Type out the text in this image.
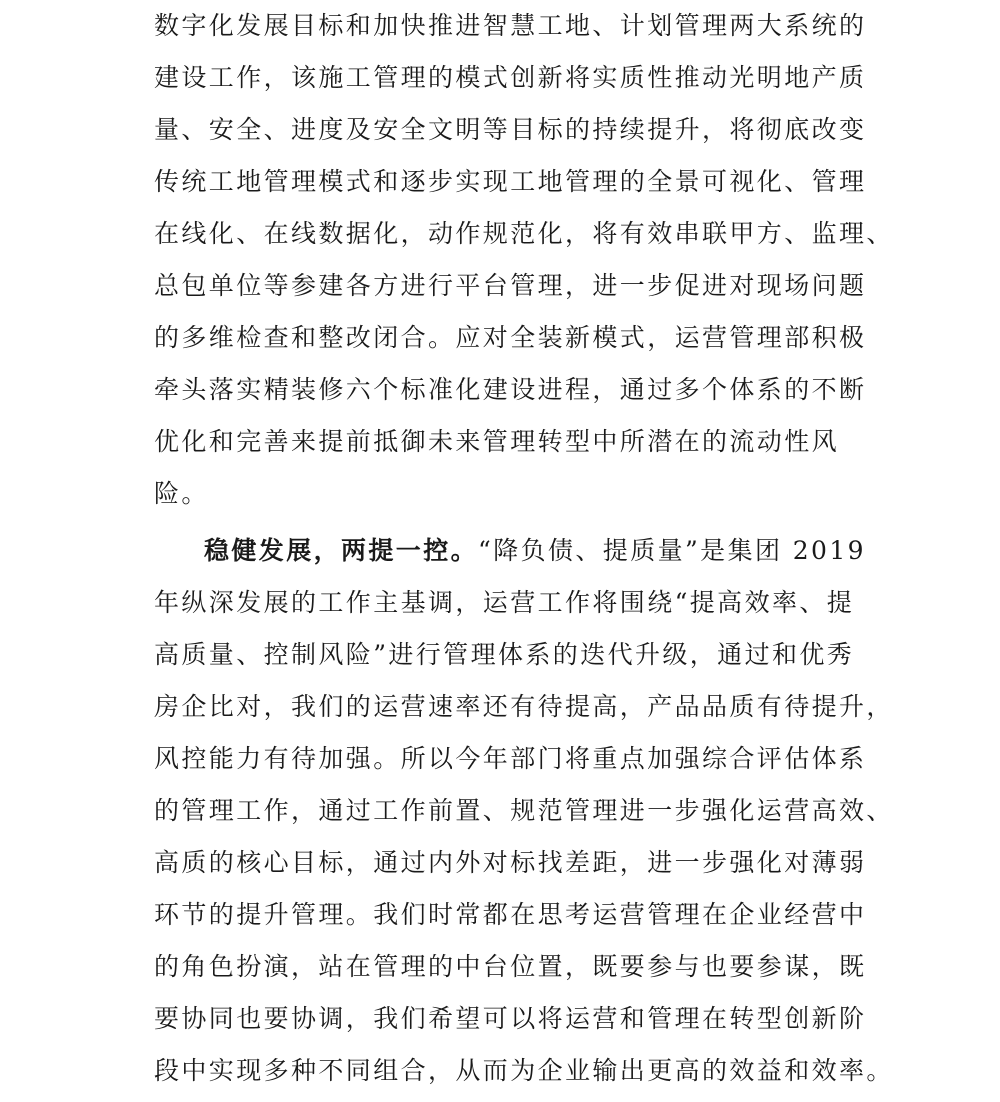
数字化发展目标和加快推进智慧工地、计划管理两大系统的
建设工作，该施工管理的模式创新将实质性推动光明地产质
量、安全、进度及安全文明等目标的持续提升，将彻底改变
传统工地管理模式和逐步实现工地管理的全景可视化、管理
在线化、在线数据化，动作规范化，将有效串联甲方、监理、
总包单位等参建各方进行平台管理，进一步促进对现场问题
的多维检查和整改闭合。应对全装新模式，运营管理部积极
牵头落实精装修六个标准化建设进程，通过多个体系的不断
优化和完善来提前抵御未来管理转型中所潜在的流动性风
险。
稳健发展，两提一控。“降负债、提质量”是集团 2019
年纵深发展的工作主基调，运营工作将围绕“提高效率、提
高质量、控制风险”进行管理体系的迭代升级，通过和优秀
房企比对，我们的运营速率还有待提高，产品品质有待提升，
风控能力有待加强。所以今年部门将重点加强综合评估体系
的管理工作，通过工作前置、规范管理进一步强化运营高效、
高质的核心目标，通过内外对标找差距，进一步强化对薄弱
环节的提升管理。我们时常都在思考运营管理在企业经营中
的角色扮演，站在管理的中台位置，既要参与也要参谋，既
要协同也要协调，我们希望可以将运营和管理在转型创新阶
段中实现多种不同组合，从而为企业输出更高的效益和效率。
